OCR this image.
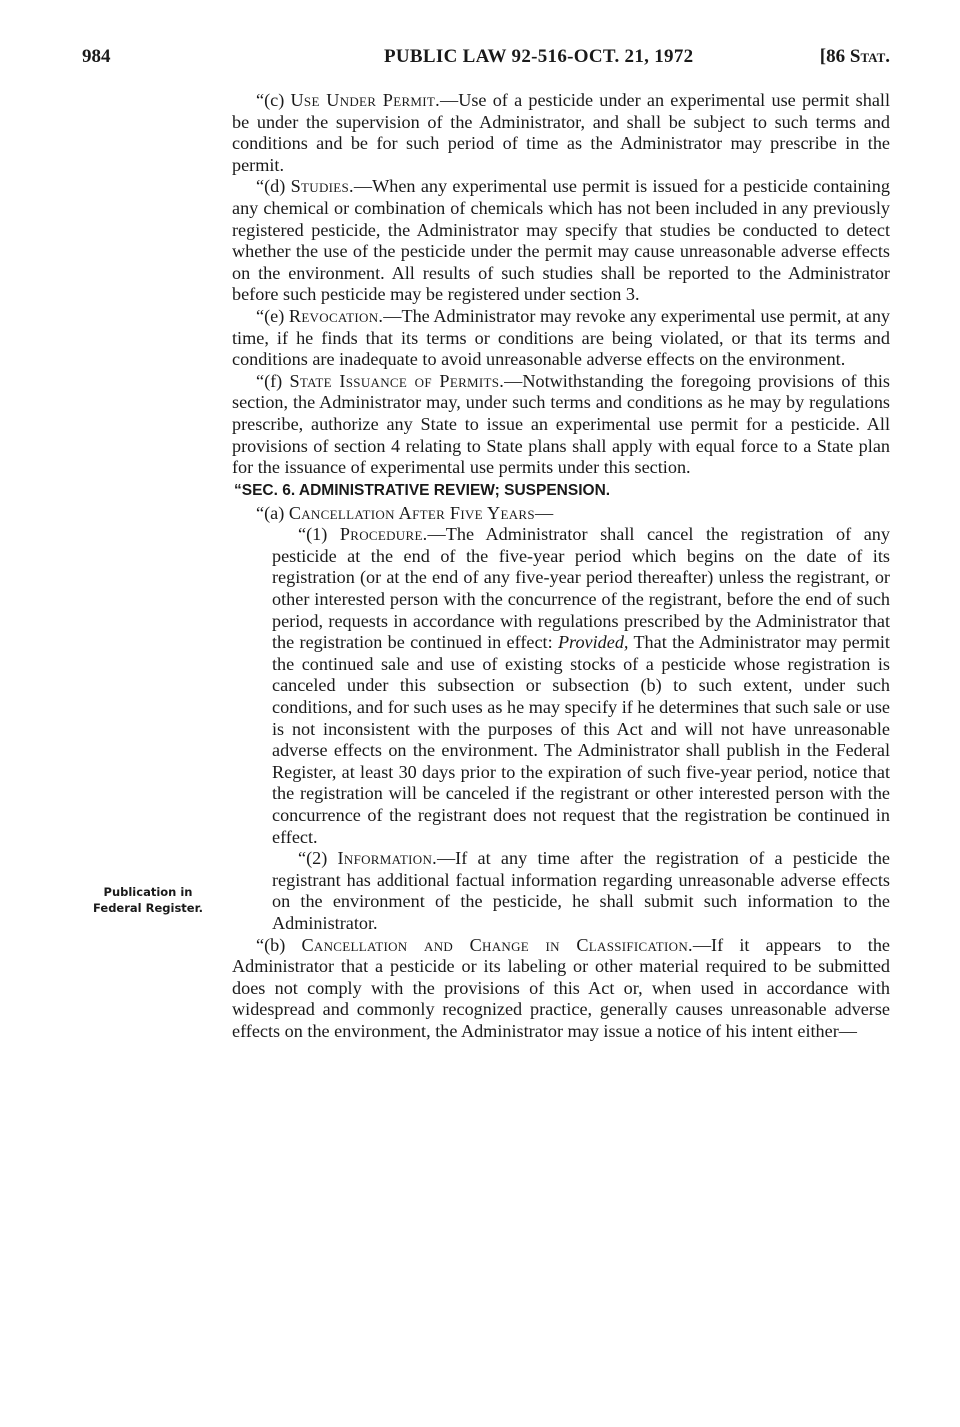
984	PUBLIC LAW 92-516-OCT. 21, 1972	[86 Stat.
Publication in
Federal Register.

“(c) Use Under Permit.—Use of a pesticide under an experimental use permit shall be under the supervision of the Administrator, and shall be subject to such terms and conditions and be for such period of time as the Administrator may prescribe in the permit.

“(d) Studies.—When any experimental use permit is issued for a pesticide containing any chemical or combination of chemicals which has not been included in any previously registered pesticide, the Administrator may specify that studies be conducted to detect whether the use of the pesticide under the permit may cause unreasonable adverse effects on the environment. All results of such studies shall be reported to the Administrator before such pesticide may be registered under section 3.

“(e) Revocation.—The Administrator may revoke any experimental use permit, at any time, if he finds that its terms or conditions are being violated, or that its terms and conditions are inadequate to avoid unreasonable adverse effects on the environment.

“(f) State Issuance of Permits.—Notwithstanding the foregoing provisions of this section, the Administrator may, under such terms and conditions as he may by regulations prescribe, authorize any State to issue an experimental use permit for a pesticide. All provisions of section 4 relating to State plans shall apply with equal force to a State plan for the issuance of experimental use permits under this section.

“SEC. 6. ADMINISTRATIVE REVIEW; SUSPENSION.

“(a) Cancellation After Five Years—

“(1) Procedure.—The Administrator shall cancel the registration of any pesticide at the end of the five-year period which begins on the date of its registration (or at the end of any five-year period thereafter) unless the registrant, or other interested person with the concurrence of the registrant, before the end of such period, requests in accordance with regulations prescribed by the Administrator that the registration be continued in effect: Provided, That the Administrator may permit the continued sale and use of existing stocks of a pesticide whose registration is canceled under this subsection or subsection (b) to such extent, under such conditions, and for such uses as he may specify if he determines that such sale or use is not inconsistent with the purposes of this Act and will not have unreasonable adverse effects on the environment. The Administrator shall publish in the Federal Register, at least 30 days prior to the expiration of such five-year period, notice that the registration will be canceled if the registrant or other interested person with the concurrence of the registrant does not request that the registration be continued in effect.

“(2) Information.—If at any time after the registration of a pesticide the registrant has additional factual information regarding unreasonable adverse effects on the environment of the pesticide, he shall submit such information to the Administrator.

“(b) Cancellation and Change in Classification.—If it appears to the Administrator that a pesticide or its labeling or other material required to be submitted does not comply with the provisions of this Act or, when used in accordance with widespread and commonly recognized practice, generally causes unreasonable adverse effects on the environment, the Administrator may issue a notice of his intent either—
